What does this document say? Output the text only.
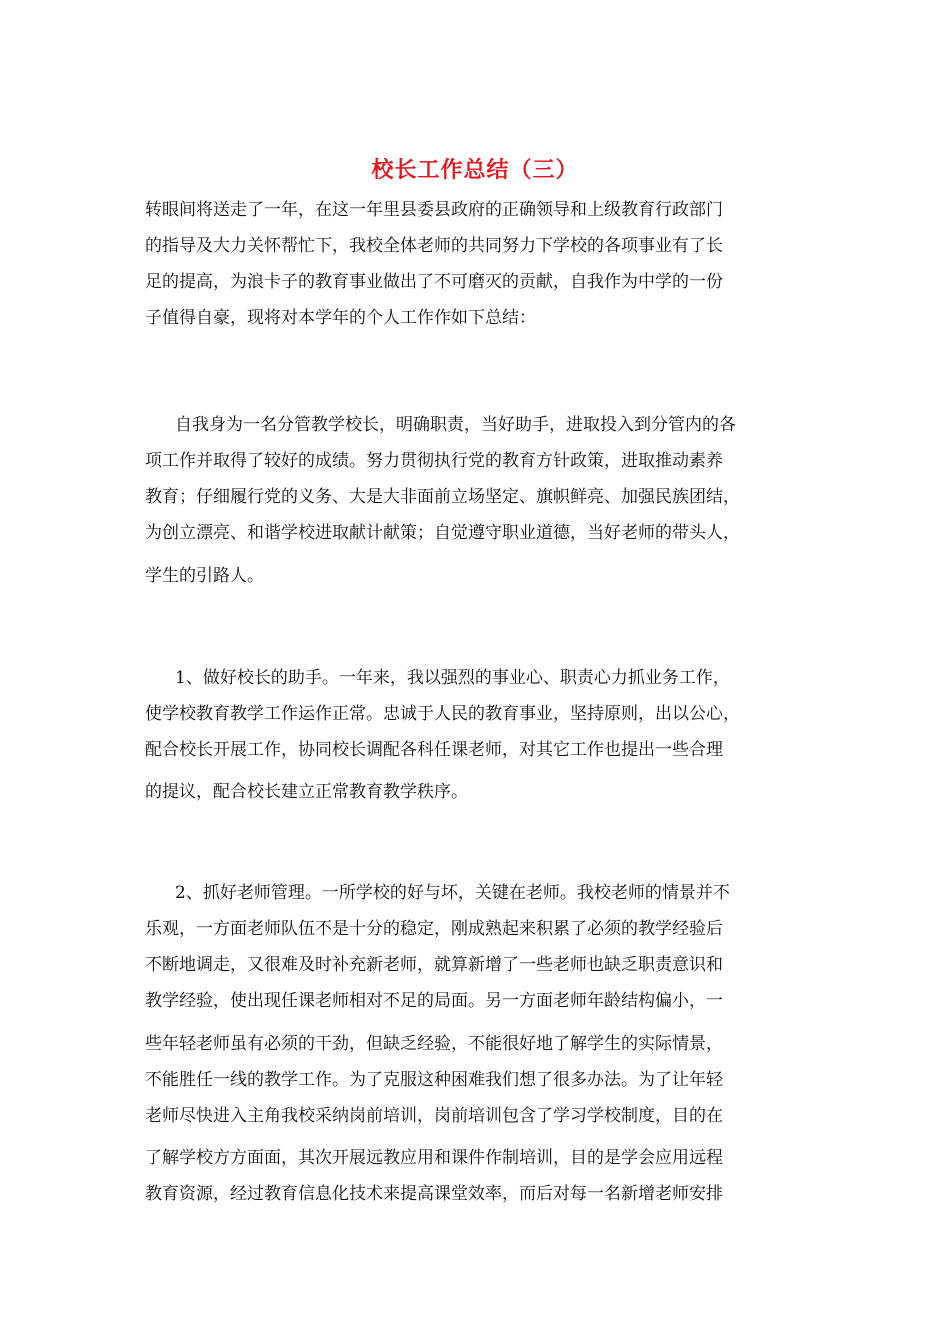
校长工作总结（三）

转眼间将送走了一年，在这一年里县委县政府的正确领导和上级教育行政部门

的指导及大力关怀帮忙下，我校全体老师的共同努力下学校的各项事业有了长

足的提高，为浪卡子的教育事业做出了不可磨灭的贡献，自我作为中学的一份

子值得自豪，现将对本学年的个人工作作如下总结：

自我身为一名分管教学校长，明确职责，当好助手，进取投入到分管内的各

项工作并取得了较好的成绩。努力贯彻执行党的教育方针政策，进取推动素养

教育；仔细履行党的义务、大是大非面前立场坚定、旗帜鲜亮、加强民族团结，

为创立漂亮、和谐学校进取献计献策；自觉遵守职业道德，当好老师的带头人，

学生的引路人。

1、做好校长的助手。一年来，我以强烈的事业心、职责心力抓业务工作，

使学校教育教学工作运作正常。忠诚于人民的教育事业，坚持原则，出以公心，

配合校长开展工作，协同校长调配各科任课老师，对其它工作也提出一些合理

的提议，配合校长建立正常教育教学秩序。

2、抓好老师管理。一所学校的好与坏，关键在老师。我校老师的情景并不

乐观，一方面老师队伍不是十分的稳定，刚成熟起来积累了必须的教学经验后

不断地调走，又很难及时补充新老师，就算新增了一些老师也缺乏职责意识和

教学经验，使出现任课老师相对不足的局面。另一方面老师年龄结构偏小，一

些年轻老师虽有必须的干劲，但缺乏经验，不能很好地了解学生的实际情景，

不能胜任一线的教学工作。为了克服这种困难我们想了很多办法。为了让年轻

老师尽快进入主角我校采纳岗前培训，岗前培训包含了学习学校制度，目的在

了解学校方方面面，其次开展远教应用和课件作制培训，目的是学会应用远程

教育资源，经过教育信息化技术来提高课堂效率，而后对每一名新增老师安排
